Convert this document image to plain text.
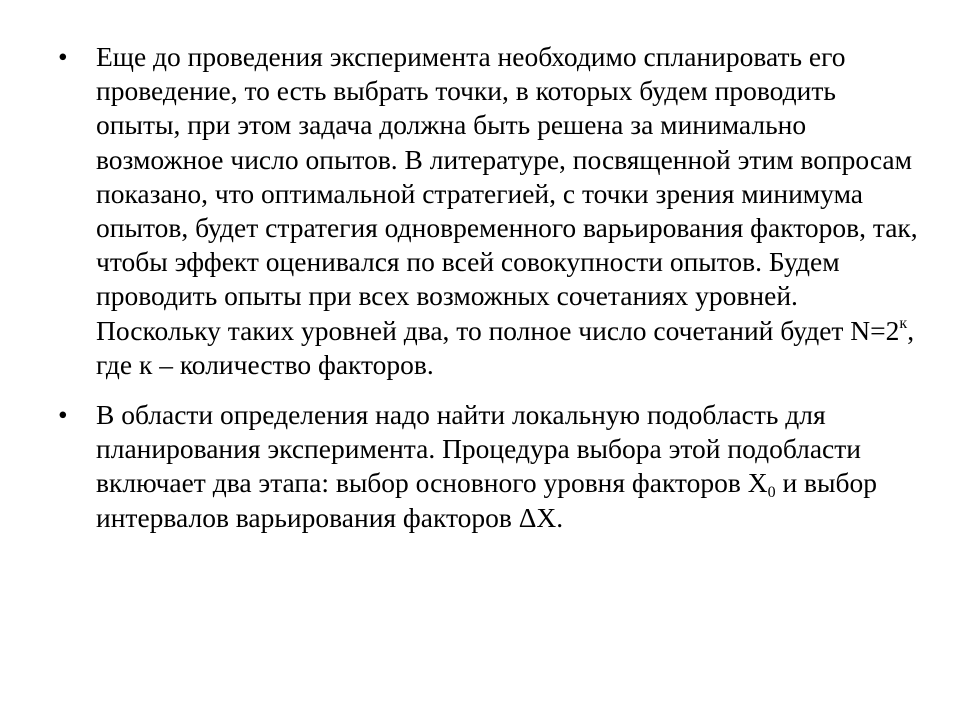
• Еще до проведения эксперимента необходимо спланировать его проведение, то есть выбрать точки, в которых будем проводить опыты, при этом задача должна быть решена за минимально возможное число опытов. В литературе, посвященной этим вопросам показано, что оптимальной стратегией, с точки зрения минимума опытов, будет стратегия одновременного варьирования факторов, так, чтобы эффект оценивался по всей совокупности опытов. Будем проводить опыты при всех возможных сочетаниях уровней. Поскольку таких уровней два, то полное число сочетаний будет $N=2^к$, где к – количество факторов.
• В области определения надо найти локальную подобласть для планирования эксперимента. Процедура выбора этой подобласти включает два этапа: выбор основного уровня факторов $X_0$ и выбор интервалов варьирования факторов ΔX.
